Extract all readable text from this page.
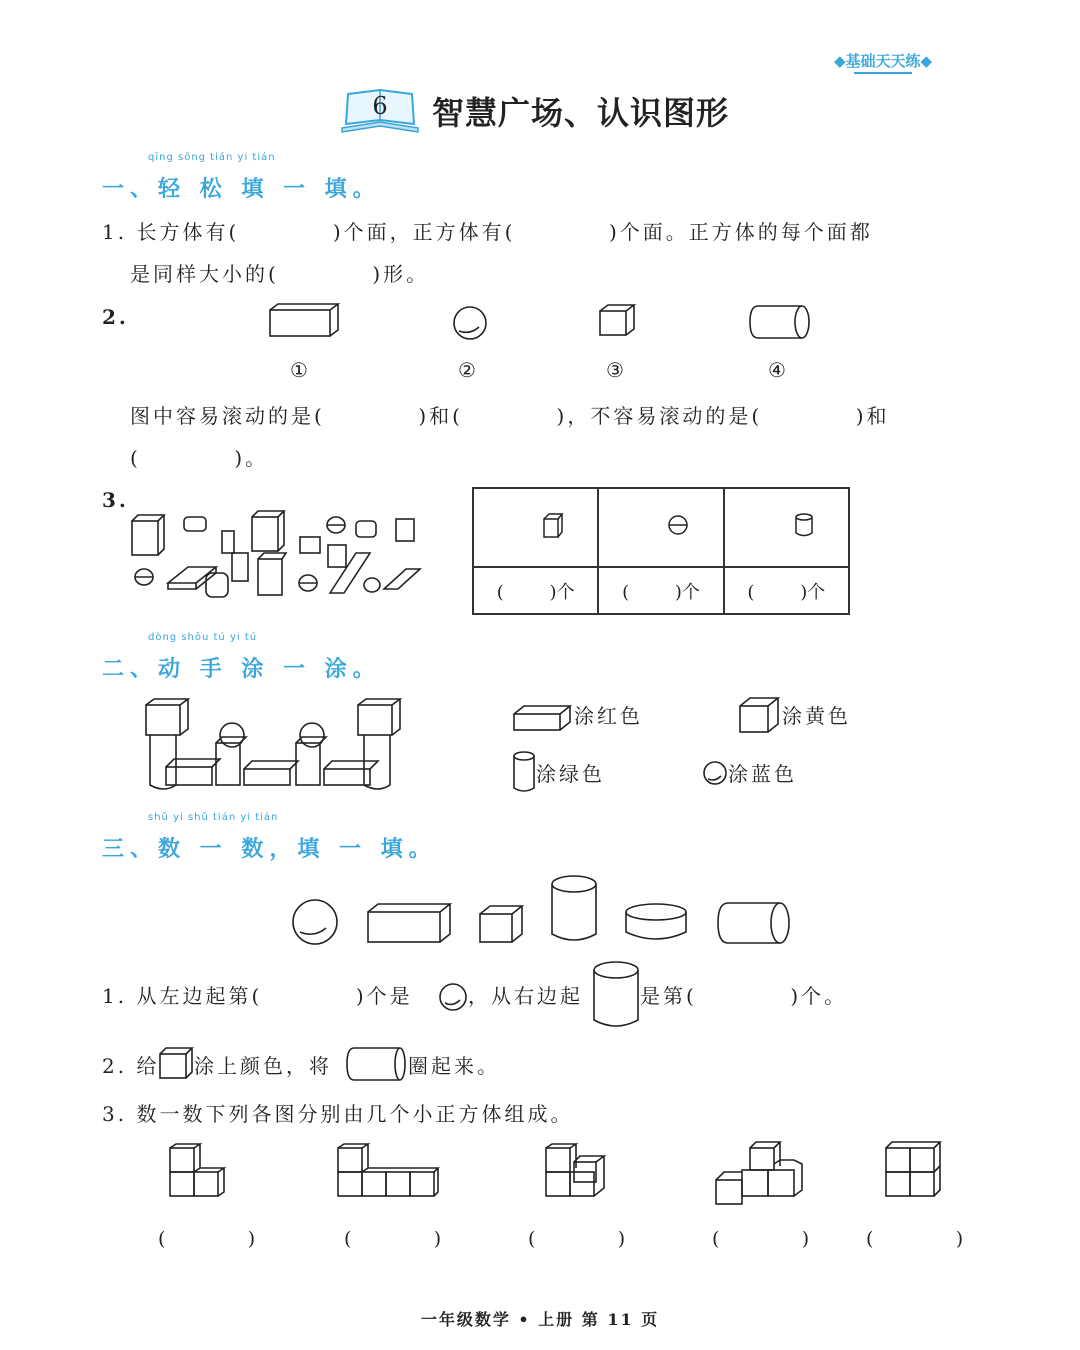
◆基础天天练◆
6	智慧广场、认识图形
qīng sōng tián yi tián
一、轻 松 填 一 填。
1. 长方体有(          )个面，正方体有(          )个面。正方体的每个面都
是同样大小的(          )形。
2.
①	②	③	④
图中容易滚动的是(          )和(          )，不容易滚动的是(          )和
(          )。
3.

(        )个	(        )个	(        )个
dòng shǒu tú yi tú
二、动 手 涂 一 涂。
涂红色	涂黄色
涂绿色	涂蓝色
shǔ yi shǔ tián yi tián
三、数 一 数，填 一 填。
1. 从左边起第(          )个是	，从右边起	是第(          )个。
2. 给 涂上颜色，将	圈起来。
3. 数一数下列各图分别由几个小正方体组成。
(          )	(          )	(          )	(          )	(          )
一年级数学 • 上册 第 11 页
